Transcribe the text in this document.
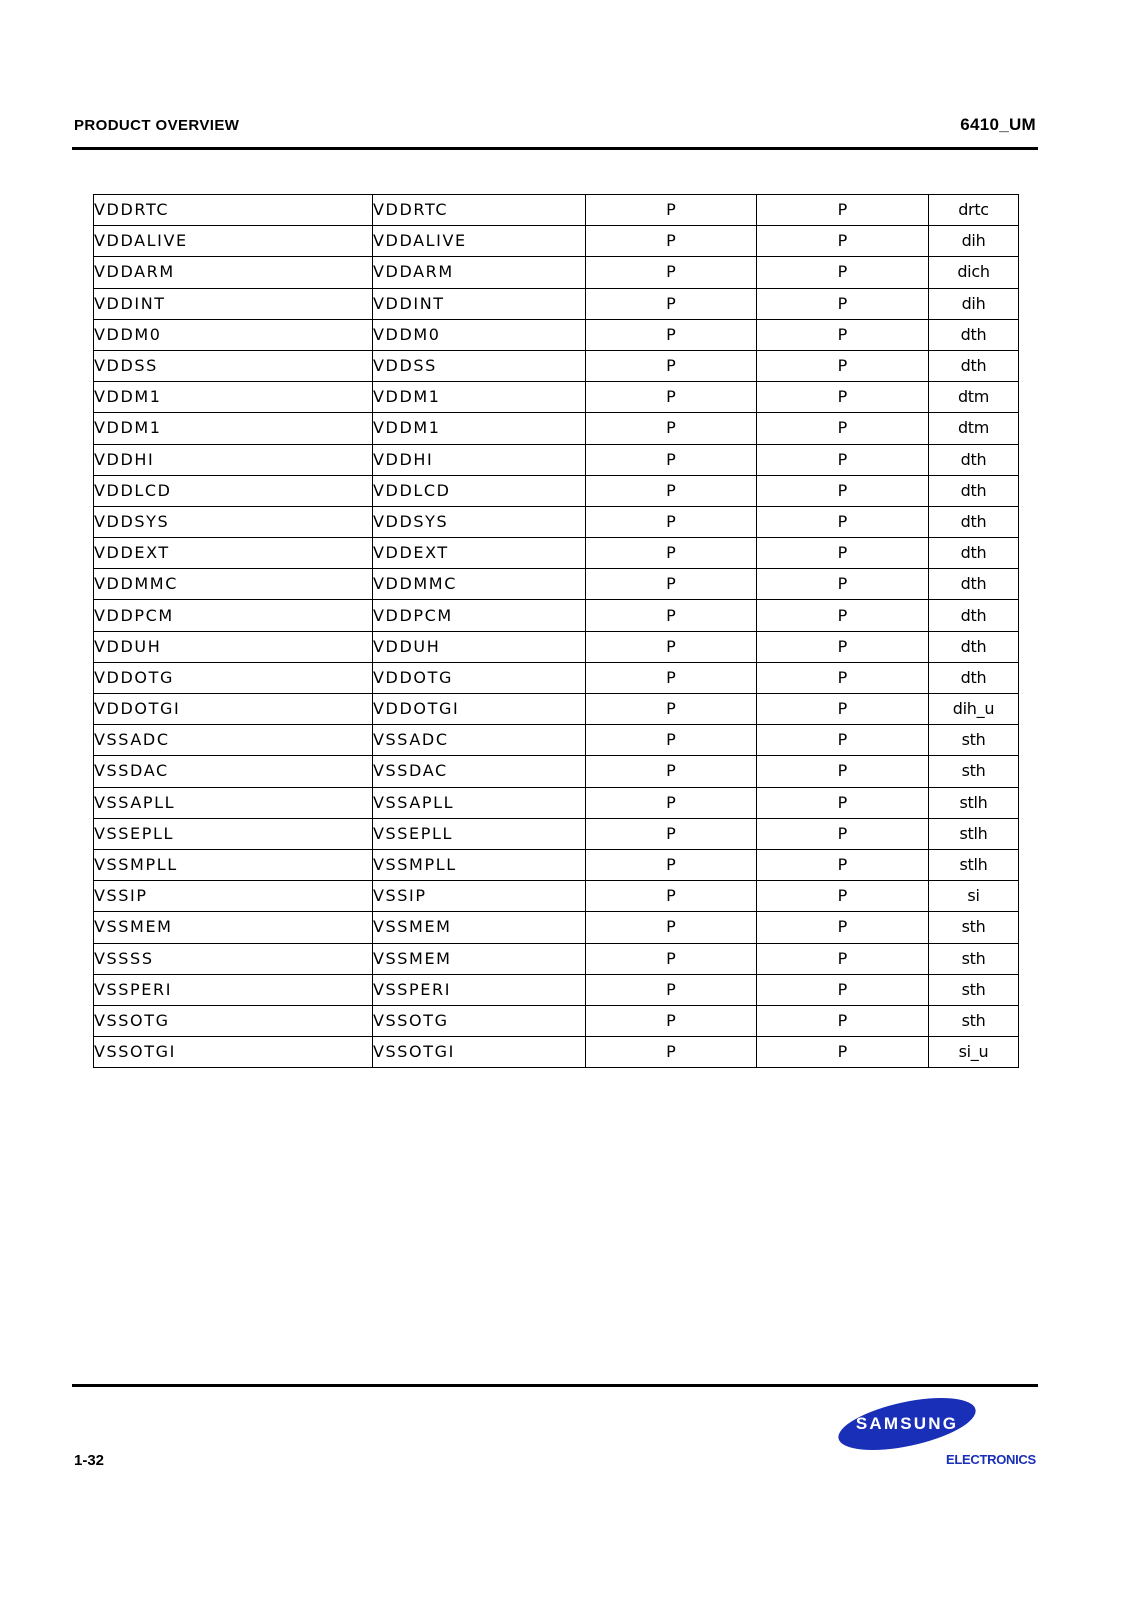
PRODUCT OVERVIEW	6410_UM
VDDRTC	VDDRTC	P	P	drtc
VDDALIVE	VDDALIVE	P	P	dih
VDDARM	VDDARM	P	P	dich
VDDINT	VDDINT	P	P	dih
VDDM0	VDDM0	P	P	dth
VDDSS	VDDSS	P	P	dth
VDDM1	VDDM1	P	P	dtm
VDDM1	VDDM1	P	P	dtm
VDDHI	VDDHI	P	P	dth
VDDLCD	VDDLCD	P	P	dth
VDDSYS	VDDSYS	P	P	dth
VDDEXT	VDDEXT	P	P	dth
VDDMMC	VDDMMC	P	P	dth
VDDPCM	VDDPCM	P	P	dth
VDDUH	VDDUH	P	P	dth
VDDOTG	VDDOTG	P	P	dth
VDDOTGI	VDDOTGI	P	P	dih_u
VSSADC	VSSADC	P	P	sth
VSSDAC	VSSDAC	P	P	sth
VSSAPLL	VSSAPLL	P	P	stlh
VSSEPLL	VSSEPLL	P	P	stlh
VSSMPLL	VSSMPLL	P	P	stlh
VSSIP	VSSIP	P	P	si
VSSMEM	VSSMEM	P	P	sth
VSSSS	VSSMEM	P	P	sth
VSSPERI	VSSPERI	P	P	sth
VSSOTG	VSSOTG	P	P	sth
VSSOTGI	VSSOTGI	P	P	si_u
1-32
SAMSUNG
ELECTRONICS
